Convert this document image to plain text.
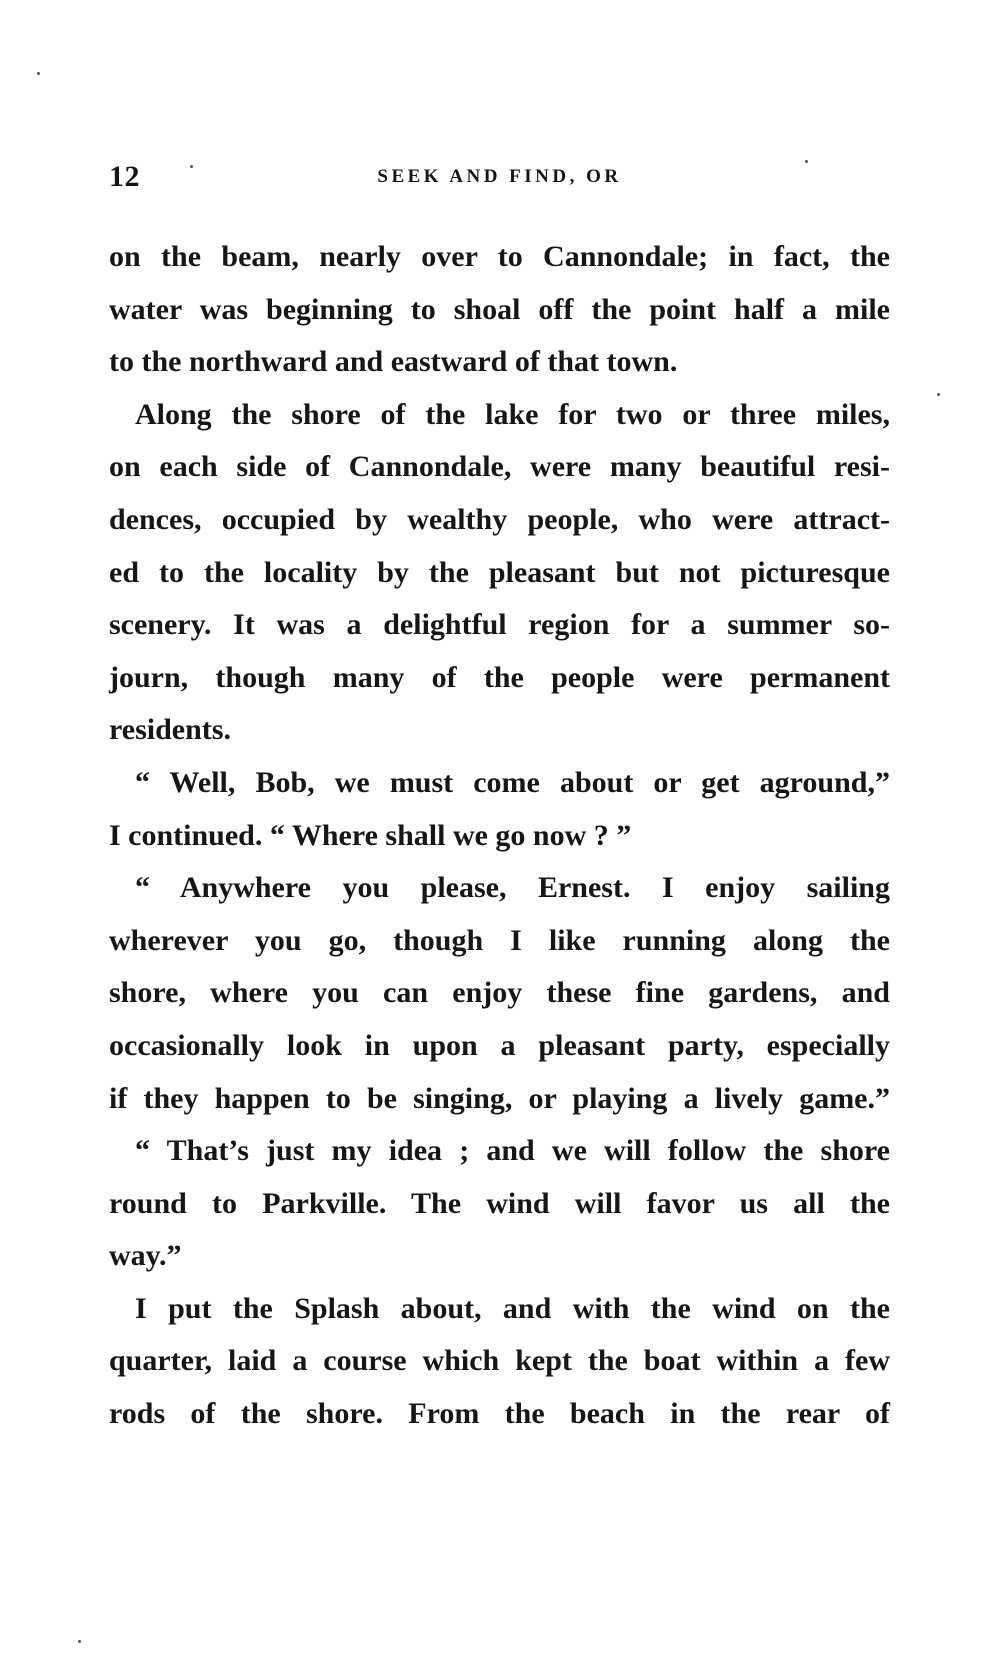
12	SEEK AND FIND, OR
on the beam, nearly over to Cannondale; in fact, the
water was beginning to shoal off the point half a mile
to the northward and eastward of that town.
Along the shore of the lake for two or three miles,
on each side of Cannondale, were many beautiful resi-
dences, occupied by wealthy people, who were attract-
ed to the locality by the pleasant but not picturesque
scenery. It was a delightful region for a summer so-
journ, though many of the people were permanent
residents.
“ Well, Bob, we must come about or get aground,”
I continued. “ Where shall we go now ? ”
“ Anywhere you please, Ernest. I enjoy sailing
wherever you go, though I like running along the
shore, where you can enjoy these fine gardens, and
occasionally look in upon a pleasant party, especially
if they happen to be singing, or playing a lively game.”
“ That’s just my idea ; and we will follow the shore
round to Parkville. The wind will favor us all the
way.”
I put the Splash about, and with the wind on the
quarter, laid a course which kept the boat within a few
rods of the shore. From the beach in the rear of
